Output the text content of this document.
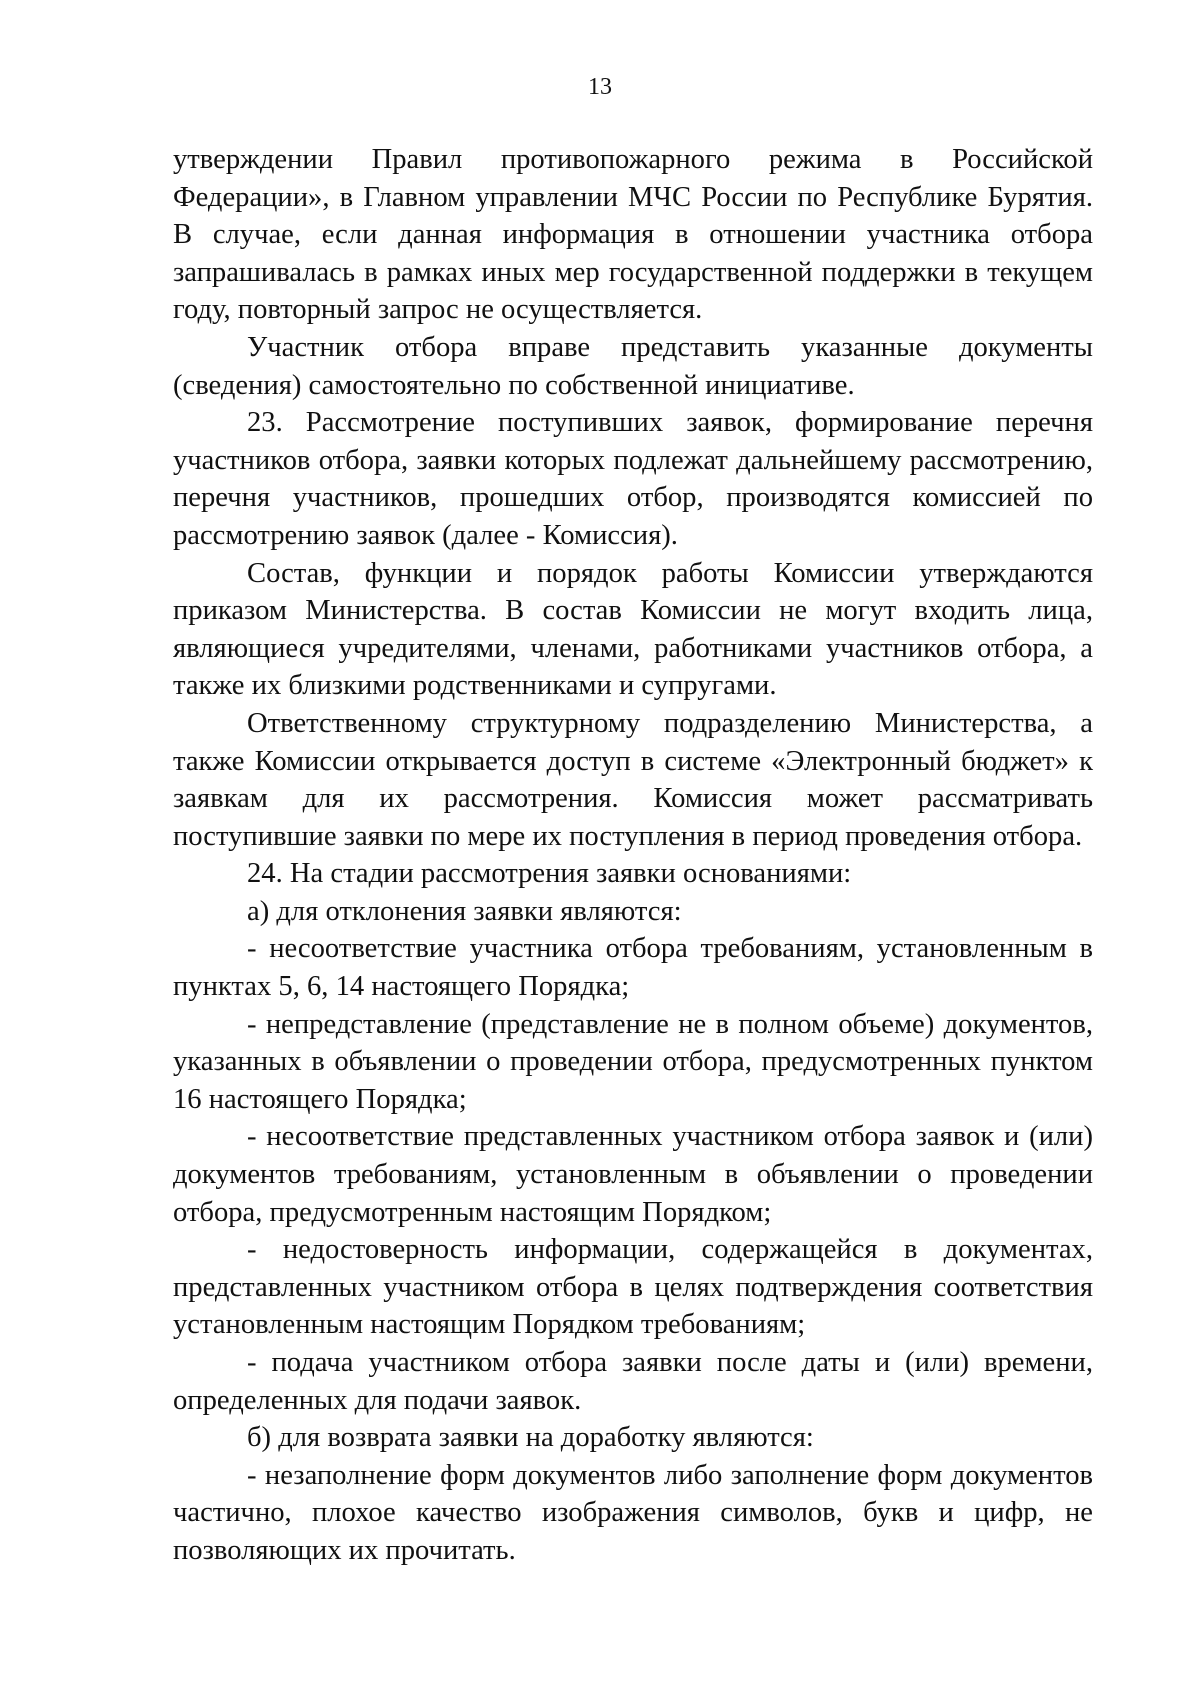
13

утверждении Правил противопожарного режима в Российской Федерации», в Главном управлении МЧС России по Республике Бурятия. В случае, если данная информация в отношении участника отбора запрашивалась в рамках иных мер государственной поддержки в текущем году, повторный запрос не осуществляется.

Участник отбора вправе представить указанные документы (сведения) самостоятельно по собственной инициативе.

23. Рассмотрение поступивших заявок, формирование перечня участников отбора, заявки которых подлежат дальнейшему рассмотрению, перечня участников, прошедших отбор, производятся комиссией по рассмотрению заявок (далее - Комиссия).

Состав, функции и порядок работы Комиссии утверждаются приказом Министерства. В состав Комиссии не могут входить лица, являющиеся учредителями, членами, работниками участников отбора, а также их близкими родственниками и супругами.

Ответственному структурному подразделению Министерства, а также Комиссии открывается доступ в системе «Электронный бюджет» к заявкам для их рассмотрения. Комиссия может рассматривать поступившие заявки по мере их поступления в период проведения отбора.

24. На стадии рассмотрения заявки основаниями:

а) для отклонения заявки являются:

- несоответствие участника отбора требованиям, установленным в пунктах 5, 6, 14 настоящего Порядка;

- непредставление (представление не в полном объеме) документов, указанных в объявлении о проведении отбора, предусмотренных пунктом 16 настоящего Порядка;

- несоответствие представленных участником отбора заявок и (или) документов требованиям, установленным в объявлении о проведении отбора, предусмотренным настоящим Порядком;

- недостоверность информации, содержащейся в документах, представленных участником отбора в целях подтверждения соответствия установленным настоящим Порядком требованиям;

- подача участником отбора заявки после даты и (или) времени, определенных для подачи заявок.

б) для возврата заявки на доработку являются:

- незаполнение форм документов либо заполнение форм документов частично, плохое качество изображения символов, букв и цифр, не позволяющих их прочитать.
